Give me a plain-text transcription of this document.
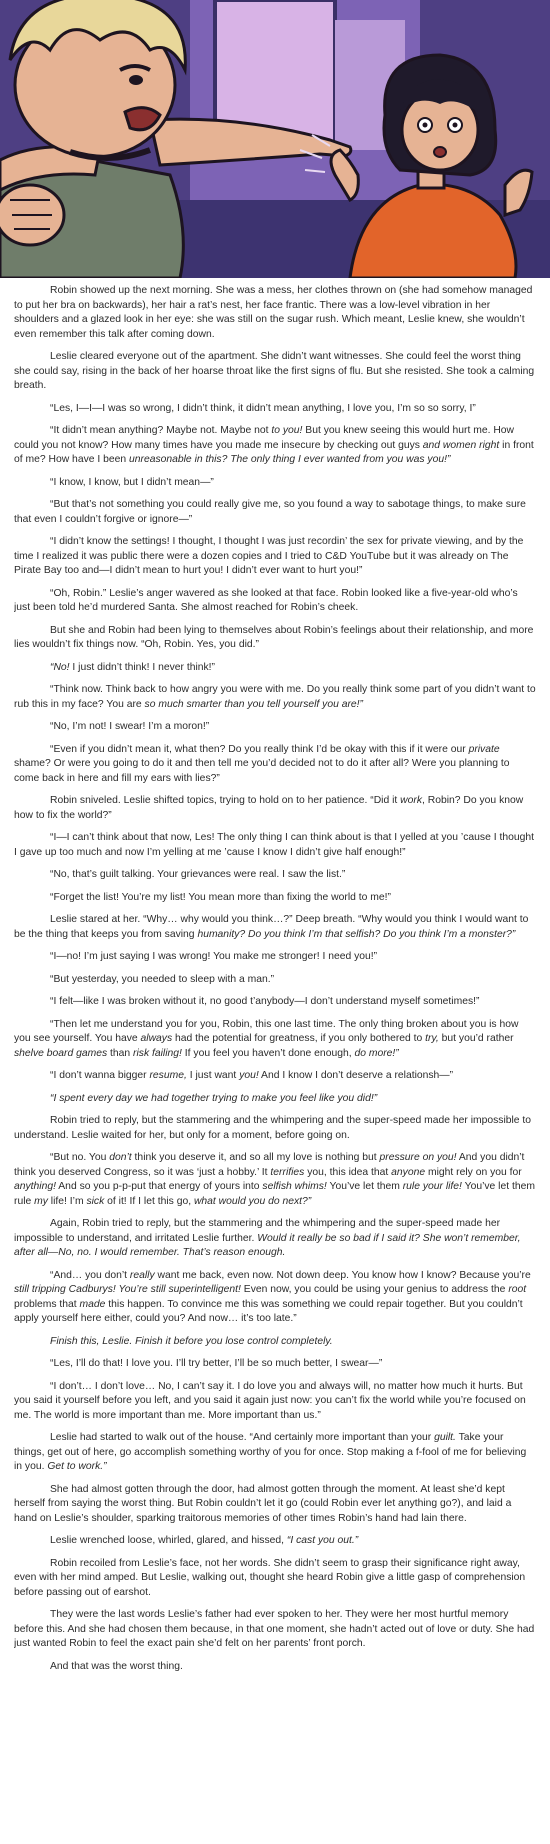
Robin showed up the next morning. She was a mess, her clothes thrown on (she had somehow managed to put her bra on backwards), her hair a rat’s nest, her face frantic. There was a low-level vibration in her shoulders and a glazed look in her eye: she was still on the sugar rush. Which meant, Leslie knew, she wouldn’t even remember this talk after coming down.

Leslie cleared everyone out of the apartment. She didn’t want witnesses. She could feel the worst thing she could say, rising in the back of her hoarse throat like the first signs of flu. But she resisted. She took a calming breath.

“Les, I—I—I was so wrong, I didn’t think, it didn’t mean anything, I love you, I’m so so sorry, I”

“It didn’t mean anything? Maybe not. Maybe not to you! But you knew seeing this would hurt me. How could you not know? How many times have you made me insecure by checking out guys and women right in front of me? How have I been unreasonable in this? The only thing I ever wanted from you was you!”

“I know, I know, but I didn’t mean—”

“But that’s not something you could really give me, so you found a way to sabotage things, to make sure that even I couldn’t forgive or ignore—”

“I didn’t know the settings! I thought, I thought I was just recordin’ the sex for private viewing, and by the time I realized it was public there were a dozen copies and I tried to C&D YouTube but it was already on The Pirate Bay too and—I didn’t mean to hurt you! I didn’t ever want to hurt you!”

“Oh, Robin.” Leslie’s anger wavered as she looked at that face. Robin looked like a five-year-old who’s just been told he’d murdered Santa. She almost reached for Robin’s cheek.

But she and Robin had been lying to themselves about Robin’s feelings about their relationship, and more lies wouldn’t fix things now. “Oh, Robin. Yes, you did.”

“No! I just didn’t think! I never think!”

“Think now. Think back to how angry you were with me. Do you really think some part of you didn’t want to rub this in my face? You are so much smarter than you tell yourself you are!”

“No, I’m not! I swear! I’m a moron!”

“Even if you didn’t mean it, what then? Do you really think I’d be okay with this if it were our private shame? Or were you going to do it and then tell me you’d decided not to do it after all? Were you planning to come back in here and fill my ears with lies?”

Robin sniveled. Leslie shifted topics, trying to hold on to her patience. “Did it work, Robin? Do you know how to fix the world?”

“I—I can’t think about that now, Les! The only thing I can think about is that I yelled at you ’cause I thought I gave up too much and now I’m yelling at me ’cause I know I didn’t give half enough!”

“No, that’s guilt talking. Your grievances were real. I saw the list.”

“Forget the list! You’re my list! You mean more than fixing the world to me!”

Leslie stared at her. “Why… why would you think…?” Deep breath. “Why would you think I would want to be the thing that keeps you from saving humanity? Do you think I’m that selfish? Do you think I’m a monster?”

“I—no! I’m just saying I was wrong! You make me stronger! I need you!”

“But yesterday, you needed to sleep with a man.”

“I felt—like I was broken without it, no good t’anybody—I don’t understand myself sometimes!”

“Then let me understand you for you, Robin, this one last time. The only thing broken about you is how you see yourself. You have always had the potential for greatness, if you only bothered to try, but you’d rather shelve board games than risk failing! If you feel you haven’t done enough, do more!”

“I don’t wanna bigger resume, I just want you! And I know I don’t deserve a relationsh—”

“I spent every day we had together trying to make you feel like you did!”

Robin tried to reply, but the stammering and the whimpering and the super-speed made her impossible to understand. Leslie waited for her, but only for a moment, before going on.

“But no. You don’t think you deserve it, and so all my love is nothing but pressure on you! And you didn’t think you deserved Congress, so it was ‘just a hobby.’ It terrifies you, this idea that anyone might rely on you for anything! And so you p-p-put that energy of yours into selfish whims! You’ve let them rule your life! You’ve let them rule my life! I’m sick of it! If I let this go, what would you do next?”

Again, Robin tried to reply, but the stammering and the whimpering and the super-speed made her impossible to understand, and irritated Leslie further. Would it really be so bad if I said it? She won’t remember, after all—No, no. I would remember. That’s reason enough.

“And… you don’t really want me back, even now. Not down deep. You know how I know? Because you’re still tripping Cadburys! You’re still superintelligent! Even now, you could be using your genius to address the root problems that made this happen. To convince me this was something we could repair together. But you couldn’t apply yourself here either, could you? And now… it’s too late.”

Finish this, Leslie. Finish it before you lose control completely.

“Les, I’ll do that! I love you. I’ll try better, I’ll be so much better, I swear—”

“I don’t… I don’t love… No, I can’t say it. I do love you and always will, no matter how much it hurts. But you said it yourself before you left, and you said it again just now: you can’t fix the world while you’re focused on me. The world is more important than me. More important than us.”

Leslie had started to walk out of the house. “And certainly more important than your guilt. Take your things, get out of here, go accomplish something worthy of you for once. Stop making a f-fool of me for believing in you. Get to work.”

She had almost gotten through the door, had almost gotten through the moment. At least she’d kept herself from saying the worst thing. But Robin couldn’t let it go (could Robin ever let anything go?), and laid a hand on Leslie’s shoulder, sparking traitorous memories of other times Robin’s hand had lain there.

Leslie wrenched loose, whirled, glared, and hissed, “I cast you out.”

Robin recoiled from Leslie’s face, not her words. She didn’t seem to grasp their significance right away, even with her mind amped. But Leslie, walking out, thought she heard Robin give a little gasp of comprehension before passing out of earshot.

They were the last words Leslie’s father had ever spoken to her. They were her most hurtful memory before this. And she had chosen them because, in that one moment, she hadn’t acted out of love or duty. She had just wanted Robin to feel the exact pain she’d felt on her parents’ front porch.

And that was the worst thing.
